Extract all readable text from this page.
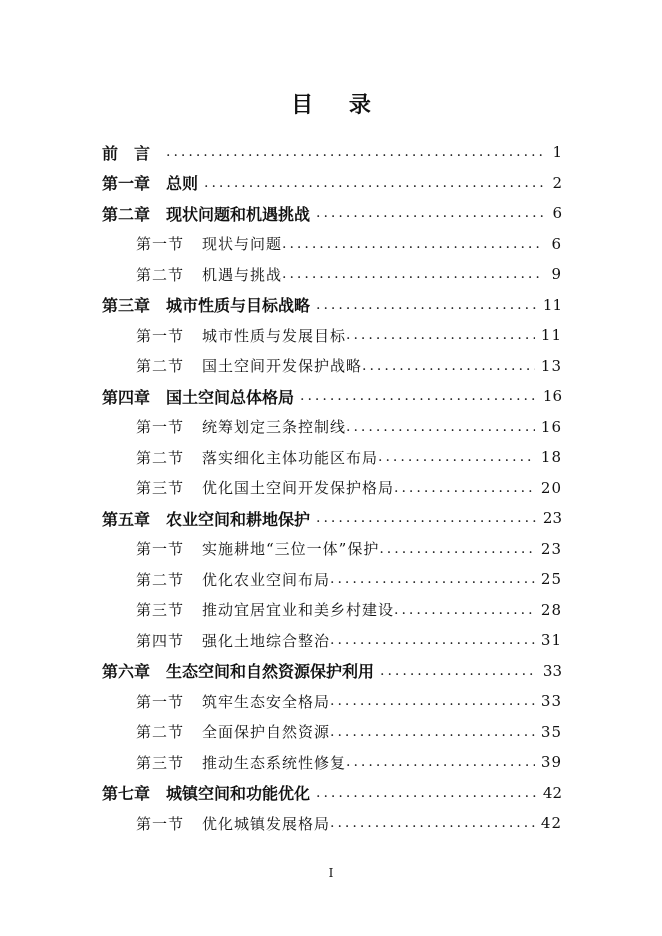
目 录
前　言 .....	1
第一章 总则 .....	2
第二章 现状问题和机遇挑战 .....	6
第一节 现状与问题 .....	6
第二节 机遇与挑战 .....	9
第三章 城市性质与目标战略 .....	11
第一节 城市性质与发展目标 .....	11
第二节 国土空间开发保护战略 .....	13
第四章 国土空间总体格局 .....	16
第一节 统筹划定三条控制线 .....	16
第二节 落实细化主体功能区布局 .....	18
第三节 优化国土空间开发保护格局 .....	20
第五章 农业空间和耕地保护 .....	23
第一节 实施耕地“三位一体”保护 .....	23
第二节 优化农业空间布局 .....	25
第三节 推动宜居宜业和美乡村建设 .....	28
第四节 强化土地综合整治 .....	31
第六章 生态空间和自然资源保护利用 .....	33
第一节 筑牢生态安全格局 .....	33
第二节 全面保护自然资源 .....	35
第三节 推动生态系统性修复 .....	39
第七章 城镇空间和功能优化 .....	42
第一节 优化城镇发展格局 .....	42
I
